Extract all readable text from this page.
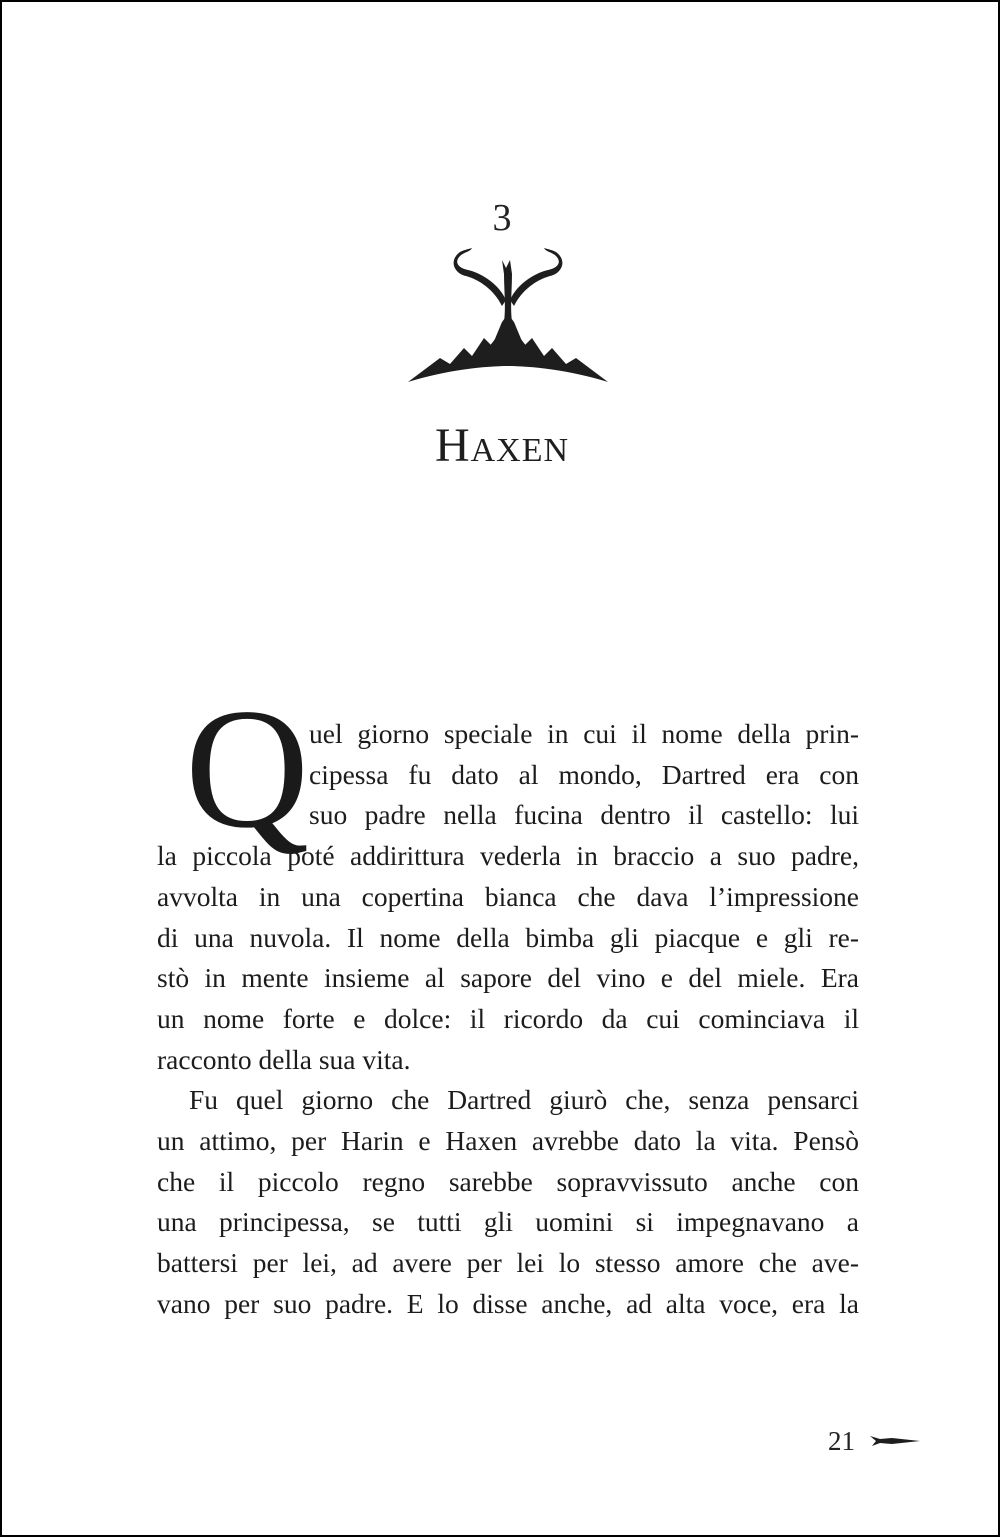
3
Haxen

Q uel giorno speciale in cui il nome della prin-
cipessa fu dato al mondo, Dartred era con
suo padre nella fucina dentro il castello: lui
la piccola poté addirittura vederla in braccio a suo padre,
avvolta in una copertina bianca che dava l’impressione
di una nuvola. Il nome della bimba gli piacque e gli re-
stò in mente insieme al sapore del vino e del miele. Era
un nome forte e dolce: il ricordo da cui cominciava il
racconto della sua vita.

Fu quel giorno che Dartred giurò che, senza pensarci
un attimo, per Harin e Haxen avrebbe dato la vita. Pensò
che il piccolo regno sarebbe sopravvissuto anche con
una principessa, se tutti gli uomini si impegnavano a
battersi per lei, ad avere per lei lo stesso amore che ave-
vano per suo padre. E lo disse anche, ad alta voce, era la

21
